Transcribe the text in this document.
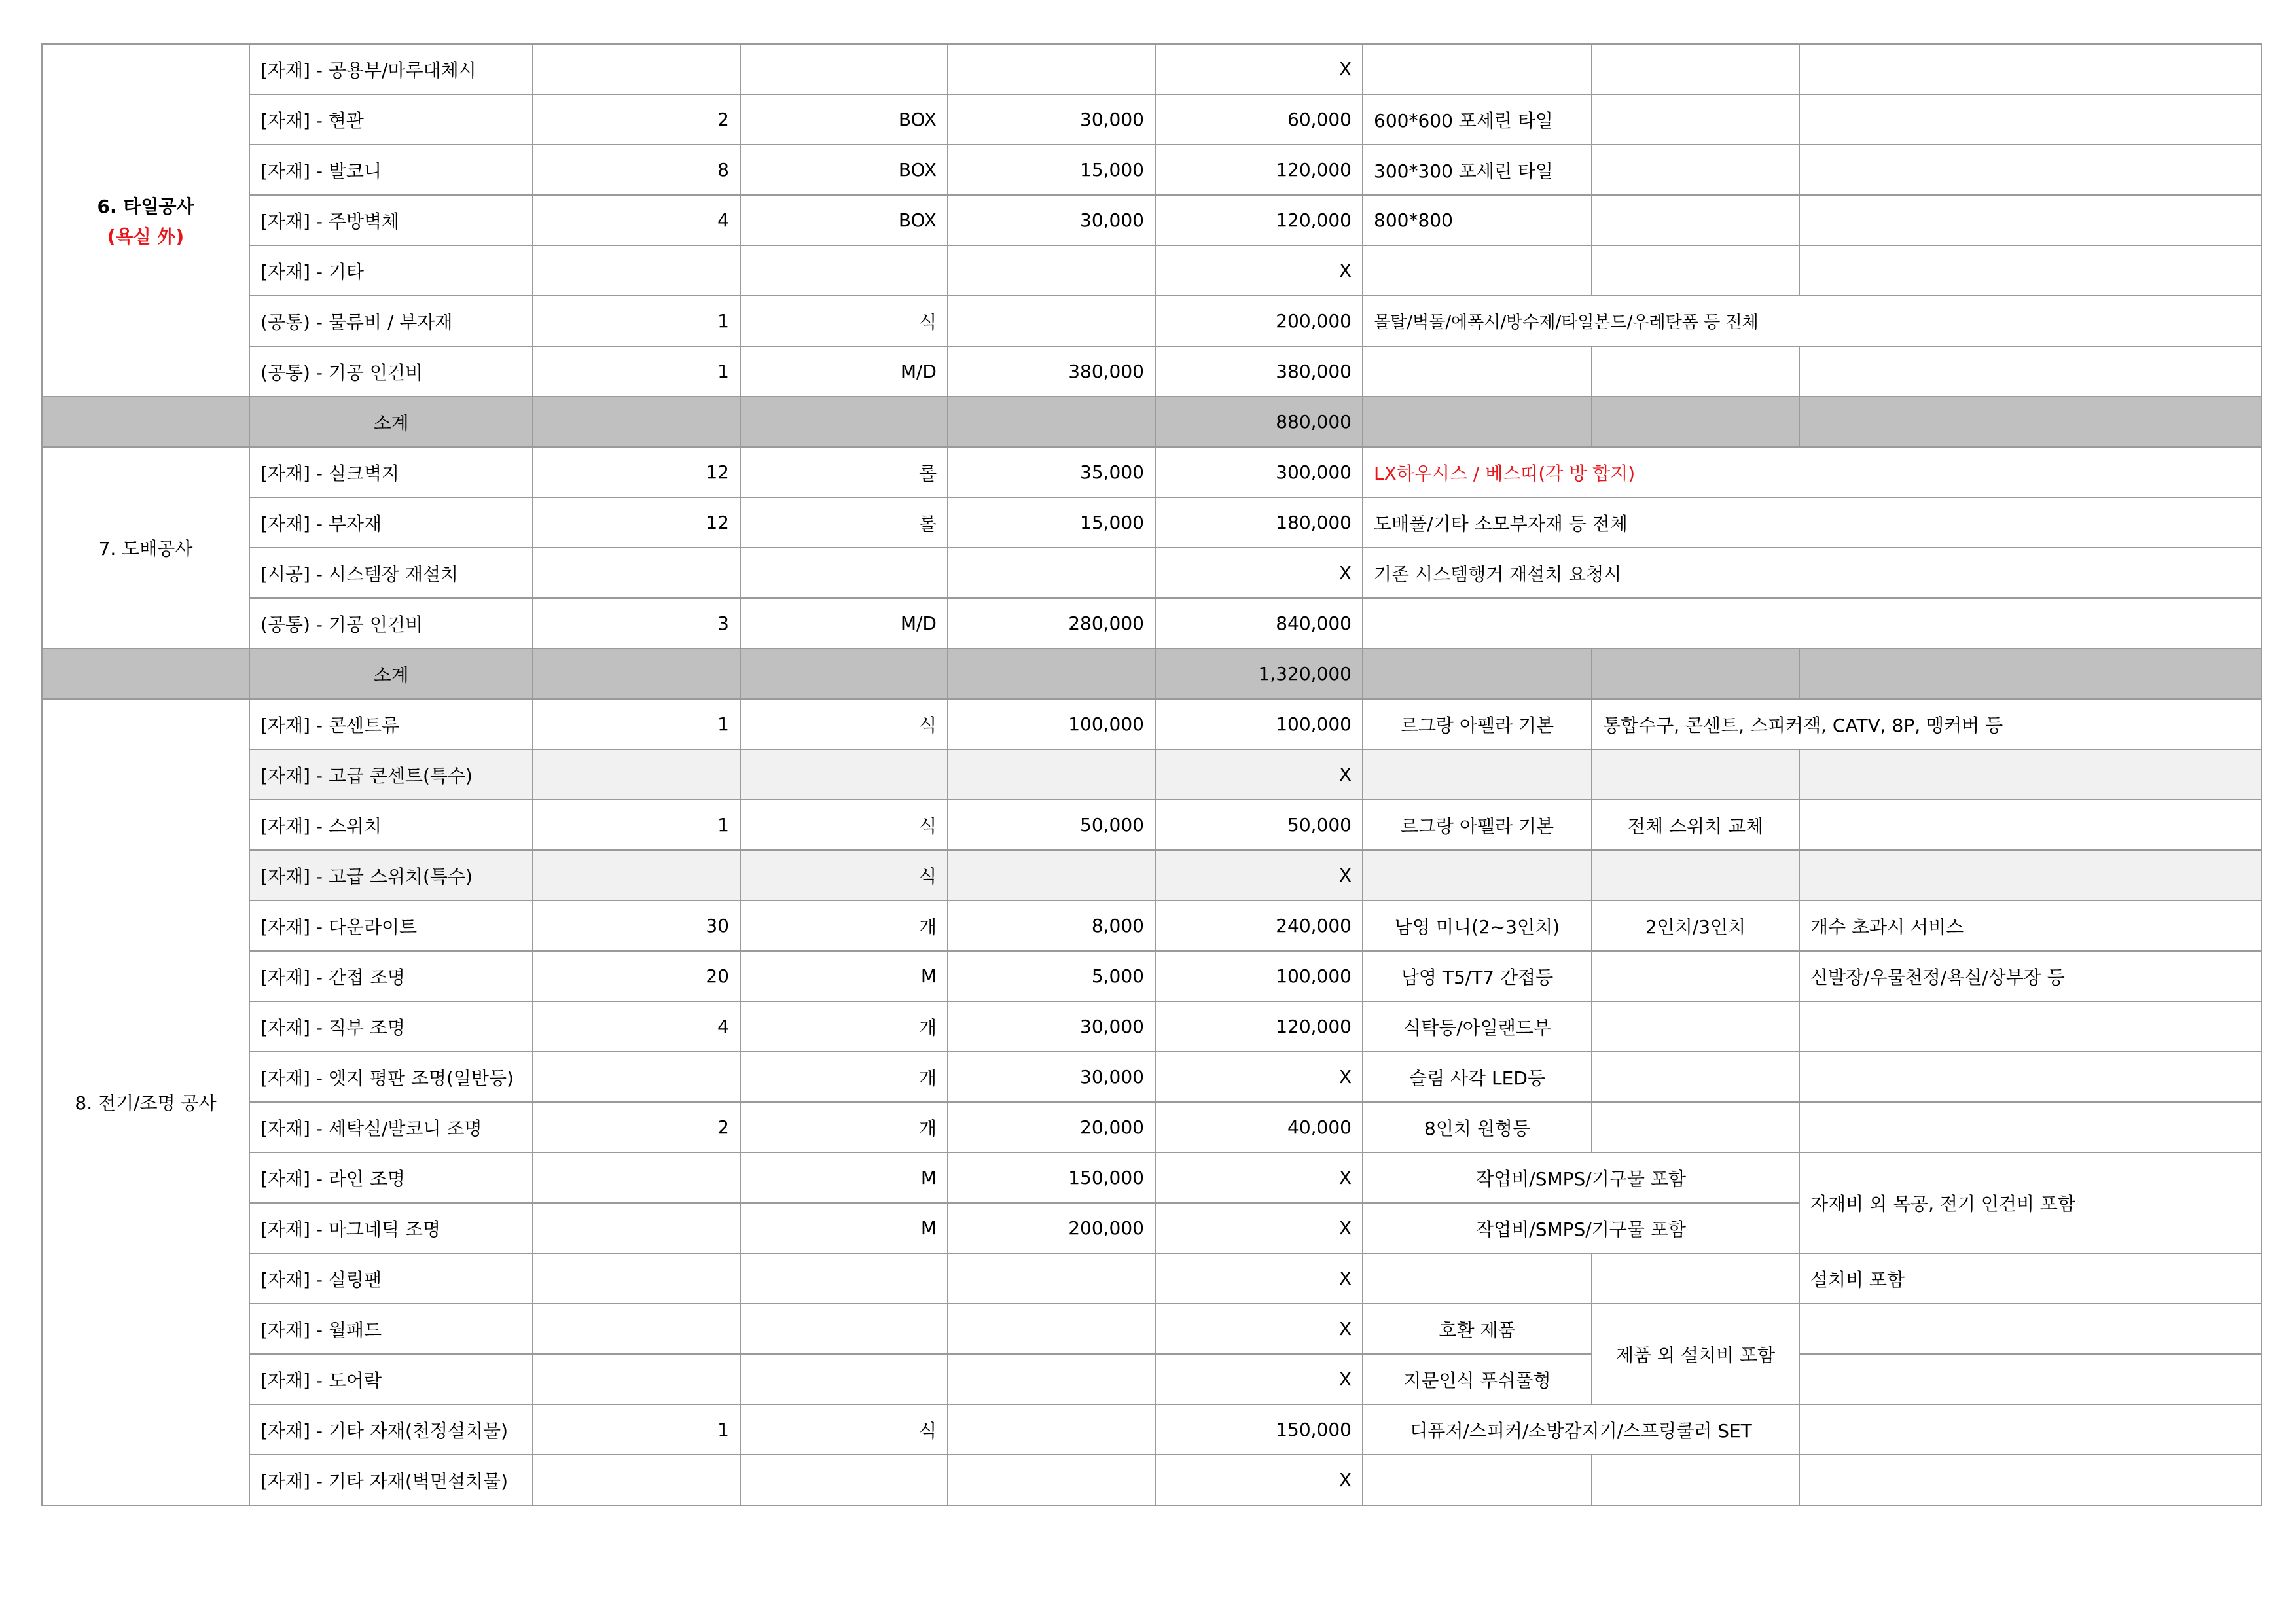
6. 타일공사
(욕실 外)	[자재] - 공용부/마루대체시				X			
	[자재] - 현관	2	BOX	30,000	60,000	600*600 포세린 타일		
	[자재] - 발코니	8	BOX	15,000	120,000	300*300 포세린 타일		
	[자재] - 주방벽체	4	BOX	30,000	120,000	800*800		
	[자재] - 기타				X			
	(공통) - 물류비 / 부자재	1	식		200,000	몰탈/벽돌/에폭시/방수제/타일본드/우레탄폼 등 전체		
	(공통) - 기공 인건비	1	M/D	380,000	380,000			
	소계				880,000			
7. 도배공사	[자재] - 실크벽지	12	롤	35,000	300,000	LX하우시스 / 베스띠(각 방 합지)		
	[자재] - 부자재	12	롤	15,000	180,000	도배풀/기타 소모부자재 등 전체		
	[시공] - 시스템장 재설치				X	기존 시스템행거 재설치 요청시		
	(공통) - 기공 인건비	3	M/D	280,000	840,000			
	소계				1,320,000			
8. 전기/조명 공사	[자재] - 콘센트류	1	식	100,000	100,000	르그랑 아펠라 기본	통합수구, 콘센트, 스피커잭, CATV, 8P, 맹커버 등	
	[자재] - 고급 콘센트(특수)				X			
	[자재] - 스위치	1	식	50,000	50,000	르그랑 아펠라 기본	전체 스위치 교체	
	[자재] - 고급 스위치(특수)		식		X			
	[자재] - 다운라이트	30	개	8,000	240,000	남영 미니(2~3인치)	2인치/3인치	개수 초과시 서비스
	[자재] - 간접 조명	20	M	5,000	100,000	남영 T5/T7 간접등		신발장/우물천정/욕실/상부장 등
	[자재] - 직부 조명	4	개	30,000	120,000	식탁등/아일랜드부		
	[자재] - 엣지 평판 조명(일반등)		개	30,000	X	슬림 사각 LED등		
	[자재] - 세탁실/발코니 조명	2	개	20,000	40,000	8인치 원형등		
	[자재] - 라인 조명		M	150,000	X	작업비/SMPS/기구물 포함		자재비 외 목공, 전기 인건비 포함
	[자재] - 마그네틱 조명		M	200,000	X	작업비/SMPS/기구물 포함		
	[자재] - 실링팬				X			설치비 포함
	[자재] - 월패드				X	호환 제품	제품 외 설치비 포함	
	[자재] - 도어락				X	지문인식 푸쉬풀형		
	[자재] - 기타 자재(천정설치물)	1	식		150,000	디퓨저/스피커/소방감지기/스프링쿨러 SET		
	[자재] - 기타 자재(벽면설치물)				X			
